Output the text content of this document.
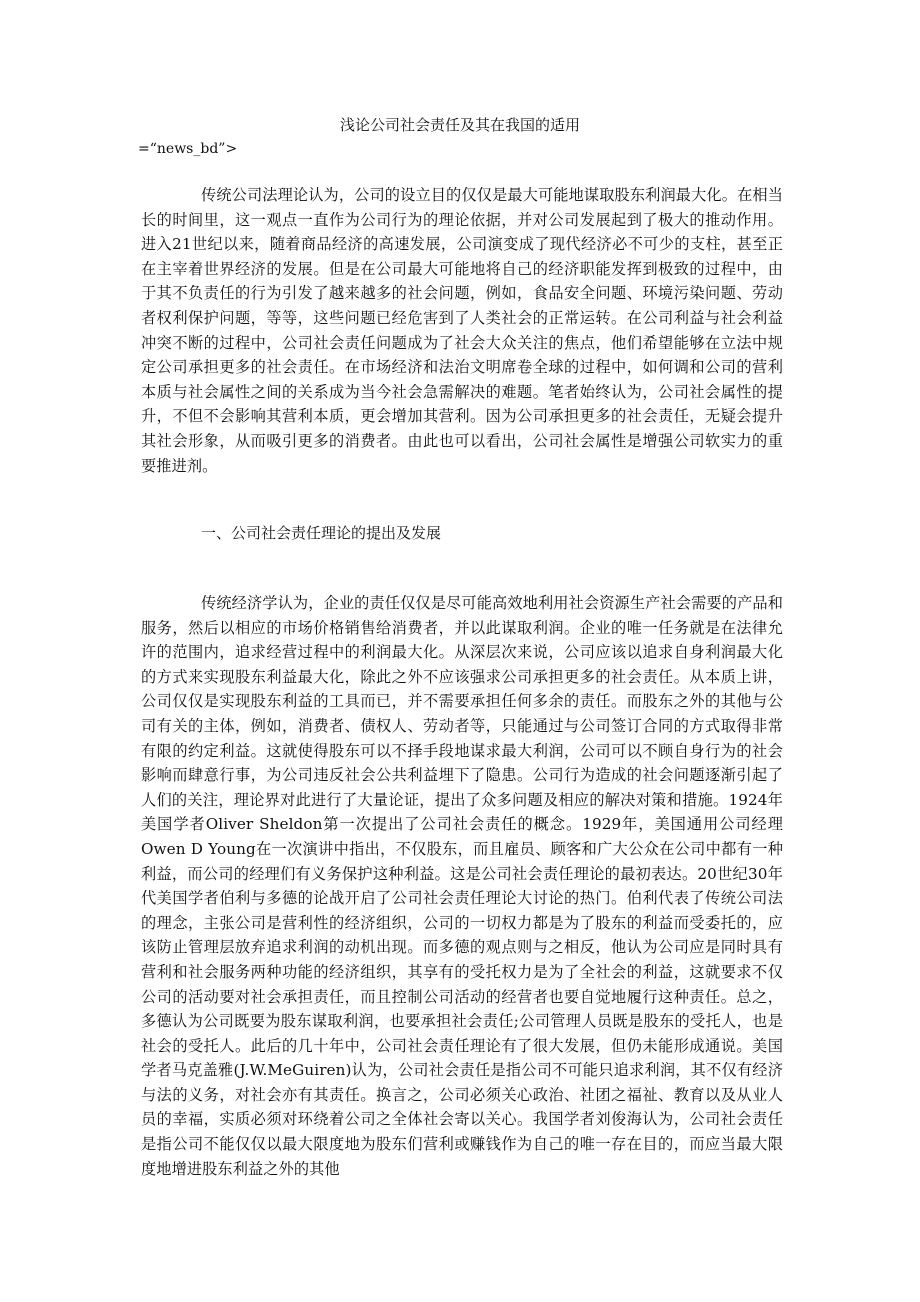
浅论公司社会责任及其在我国的适用

=“news_bd”>

传统公司法理论认为，公司的设立目的仅仅是最大可能地谋取股东利润最大化。在相当长的时间里，这一观点一直作为公司行为的理论依据，并对公司发展起到了极大的推动作用。进入21世纪以来，随着商品经济的高速发展，公司演变成了现代经济必不可少的支柱，甚至正在主宰着世界经济的发展。但是在公司最大可能地将自己的经济职能发挥到极致的过程中，由于其不负责任的行为引发了越来越多的社会问题，例如，食品安全问题、环境污染问题、劳动者权利保护问题，等等，这些问题已经危害到了人类社会的正常运转。在公司利益与社会利益冲突不断的过程中，公司社会责任问题成为了社会大众关注的焦点，他们希望能够在立法中规定公司承担更多的社会责任。在市场经济和法治文明席卷全球的过程中，如何调和公司的营利本质与社会属性之间的关系成为当今社会急需解决的难题。笔者始终认为，公司社会属性的提升，不但不会影响其营利本质，更会增加其营利。因为公司承担更多的社会责任，无疑会提升其社会形象，从而吸引更多的消费者。由此也可以看出，公司社会属性是增强公司软实力的重要推进剂。

一、公司社会责任理论的提出及发展

传统经济学认为，企业的责任仅仅是尽可能高效地利用社会资源生产社会需要的产品和服务，然后以相应的市场价格销售给消费者，并以此谋取利润。企业的唯一任务就是在法律允许的范围内，追求经营过程中的利润最大化。从深层次来说，公司应该以追求自身利润最大化的方式来实现股东利益最大化，除此之外不应该强求公司承担更多的社会责任。从本质上讲，公司仅仅是实现股东利益的工具而已，并不需要承担任何多余的责任。而股东之外的其他与公司有关的主体，例如，消费者、债权人、劳动者等，只能通过与公司签订合同的方式取得非常有限的约定利益。这就使得股东可以不择手段地谋求最大利润，公司可以不顾自身行为的社会影响而肆意行事，为公司违反社会公共利益埋下了隐患。公司行为造成的社会问题逐渐引起了人们的关注，理论界对此进行了大量论证，提出了众多问题及相应的解决对策和措施。1924年美国学者Oliver Sheldon第一次提出了公司社会责任的概念。1929年，美国通用公司经理Owen D Young在一次演讲中指出，不仅股东，而且雇员、顾客和广大公众在公司中都有一种利益，而公司的经理们有义务保护这种利益。这是公司社会责任理论的最初表达。20世纪30年代美国学者伯利与多德的论战开启了公司社会责任理论大讨论的热门。伯利代表了传统公司法的理念，主张公司是营利性的经济组织，公司的一切权力都是为了股东的利益而受委托的，应该防止管理层放弃追求利润的动机出现。而多德的观点则与之相反，他认为公司应是同时具有营利和社会服务两种功能的经济组织，其享有的受托权力是为了全社会的利益，这就要求不仅公司的活动要对社会承担责任，而且控制公司活动的经营者也要自觉地履行这种责任。总之，多德认为公司既要为股东谋取利润，也要承担社会责任;公司管理人员既是股东的受托人，也是社会的受托人。此后的几十年中，公司社会责任理论有了很大发展，但仍未能形成通说。美国学者马克盖雅(J.W.MeGuiren)认为，公司社会责任是指公司不可能只追求利润，其不仅有经济与法的义务，对社会亦有其责任。换言之，公司必须关心政治、社团之福祉、教育以及从业人员的幸福，实质必须对环绕着公司之全体社会寄以关心。我国学者刘俊海认为，公司社会责任是指公司不能仅仅以最大限度地为股东们营利或赚钱作为自己的唯一存在目的，而应当最大限度地增进股东利益之外的其他
